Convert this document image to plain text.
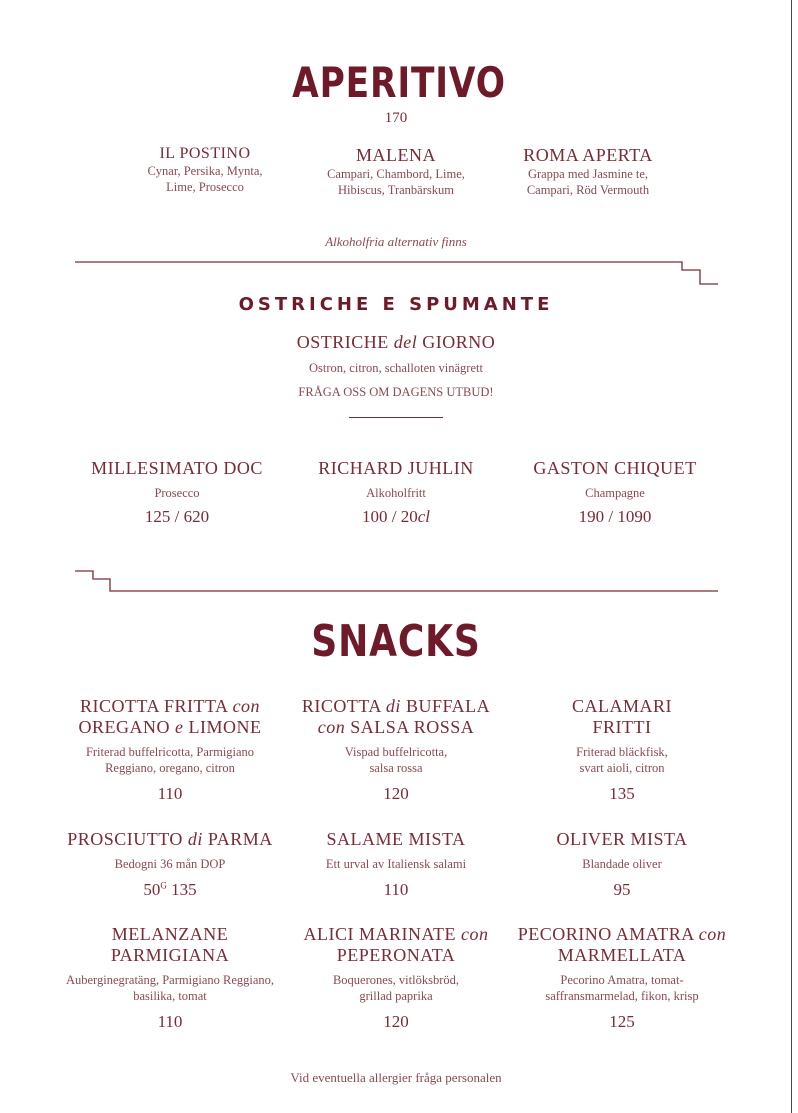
APERITIVO
170
IL POSTINO
Cynar, Persika, Mynta,
Lime, Prosecco
MALENA
Campari, Chambord, Lime,
Hibiscus, Tranbärskum
ROMA APERTA
Grappa med Jasmine te,
Campari, Röd Vermouth
Alkoholfria alternativ finns
OSTRICHE E SPUMANTE
OSTRICHE del GIORNO
Ostron, citron, schalloten vinägrett
FRÅGA OSS OM DAGENS UTBUD!
MILLESIMATO DOC
Prosecco
125 / 620
RICHARD JUHLIN
Alkoholfritt
100 / 20cl
GASTON CHIQUET
Champagne
190 / 1090
SNACKS
RICOTTA FRITTA con
OREGANO e LIMONE
Friterad buffelricotta, Parmigiano
Reggiano, oregano, citron
110
RICOTTA di BUFFALA
con SALSA ROSSA
Vispad buffelricotta,
salsa rossa
120
CALAMARI
FRITTI
Friterad bläckfisk,
svart aioli, citron
135
PROSCIUTTO di PARMA
Bedogni 36 mån DOP
$50^G$ 135
SALAME MISTA
Ett urval av Italiensk salami
110
OLIVER MISTA
Blandade oliver
95
MELANZANE
PARMIGIANA
Auberginegratäng, Parmigiano Reggiano,
basilika, tomat
110
ALICI MARINATE con
PEPERONATA
Boquerones, vitlöksbröd,
grillad paprika
120
PECORINO AMATRA con
MARMELLATA
Pecorino Amatra, tomat-
saffransmarmelad, fikon, krisp
125
Vid eventuella allergier fråga personalen
